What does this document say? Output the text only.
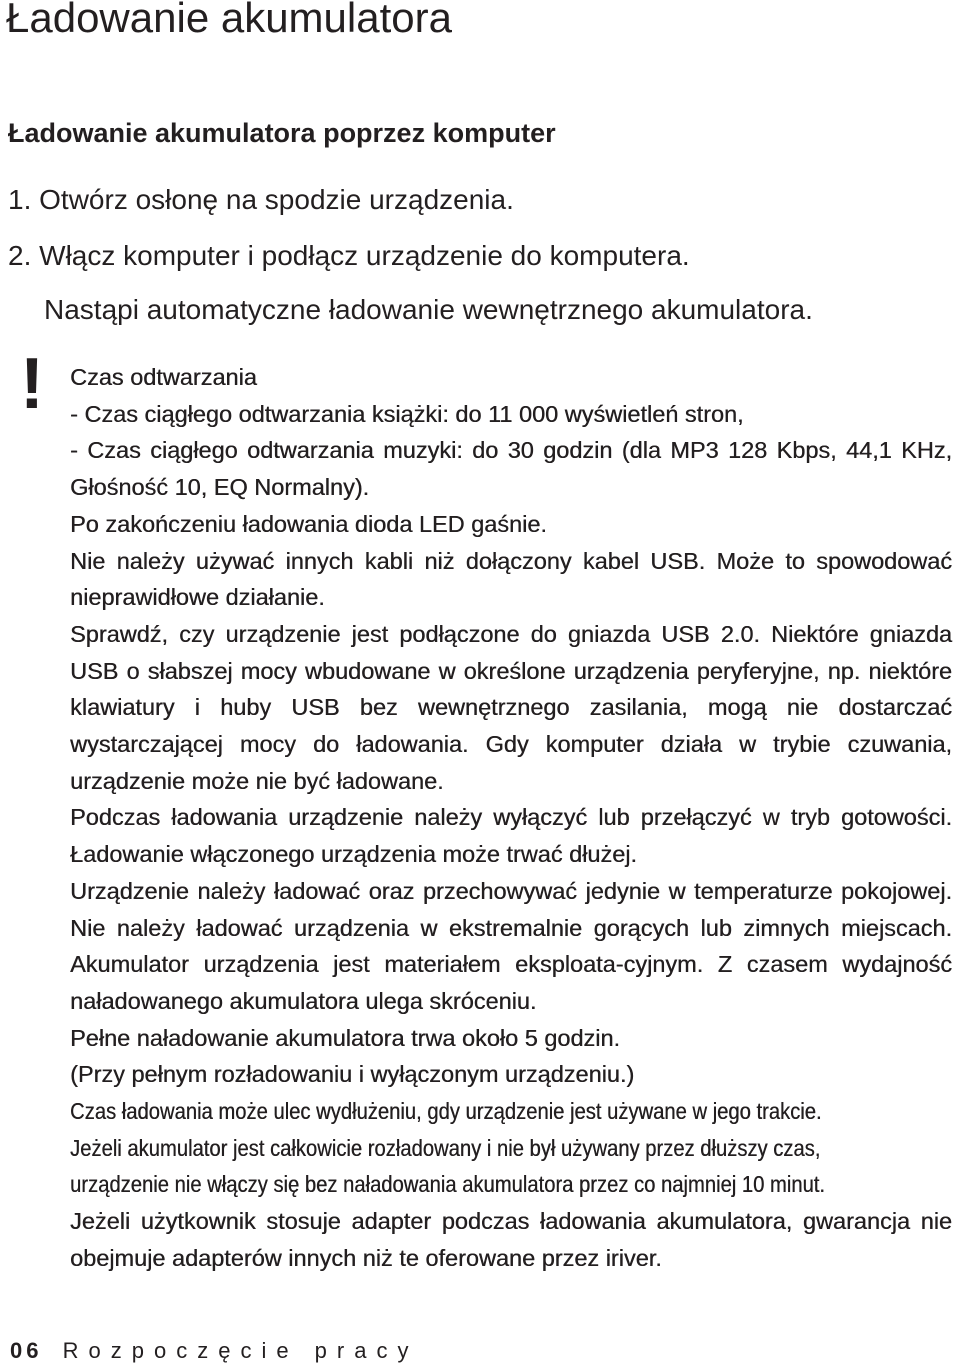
Ładowanie akumulatora
Ładowanie akumulatora poprzez komputer
1. Otwórz osłonę na spodzie urządzenia.
2. Włącz komputer i podłącz urządzenie do komputera.
Nastąpi automatyczne ładowanie wewnętrznego akumulatora.
! Czas odtwarzania

- Czas ciągłego odtwarzania książki: do 11 000 wyświetleń stron,

- Czas ciągłego odtwarzania muzyki: do 30 godzin (dla MP3 128 Kbps, 44,1 KHz, Głośność 10, EQ Normalny).

Po zakończeniu ładowania dioda LED gaśnie.

Nie należy używać innych kabli niż dołączony kabel USB. Może to spowodować nieprawidłowe działanie.

Sprawdź, czy urządzenie jest podłączone do gniazda USB 2.0. Niektóre gniazda USB o słabszej mocy wbudowane w określone urządzenia peryferyjne, np. niektóre klawiatury i huby USB bez wewnętrznego zasilania, mogą nie dostarczać wystarczającej mocy do ładowania. Gdy komputer działa w trybie czuwania, urządzenie może nie być ładowane.

Podczas ładowania urządzenie należy wyłączyć lub przełączyć w tryb gotowości. Ładowanie włączonego urządzenia może trwać dłużej.

Urządzenie należy ładować oraz przechowywać jedynie w temperaturze pokojowej. Nie należy ładować urządzenia w ekstremalnie gorących lub zimnych miejscach. Akumulator urządzenia jest materiałem eksploata-cyjnym. Z czasem wydajność naładowanego akumulatora ulega skróceniu.

Pełne naładowanie akumulatora trwa około 5 godzin.

(Przy pełnym rozładowaniu i wyłączonym urządzeniu.)

Czas ładowania może ulec wydłużeniu, gdy urządzenie jest używane w jego trakcie.

Jeżeli akumulator jest całkowicie rozładowany i nie był używany przez dłuższy czas,

urządzenie nie włączy się bez naładowania akumulatora przez co najmniej 10 minut.

Jeżeli użytkownik stosuje adapter podczas ładowania akumulatora, gwarancja nie obejmuje adapterów innych niż te oferowane przez iriver.

06 Rozpoczęcie pracy
